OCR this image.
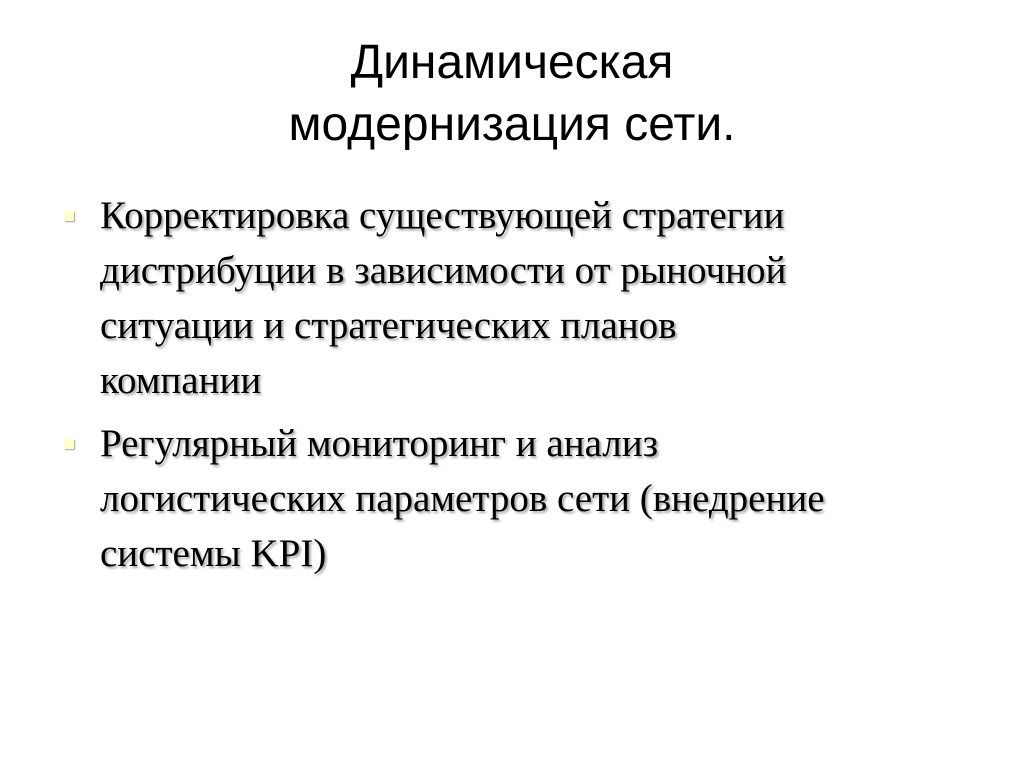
Динамическая
модернизация сети.
Корректировка существующей стратегии
дистрибуции в зависимости от рыночной
ситуации и стратегических планов
компании
Регулярный мониторинг и анализ
логистических параметров сети (внедрение
системы KPI)
